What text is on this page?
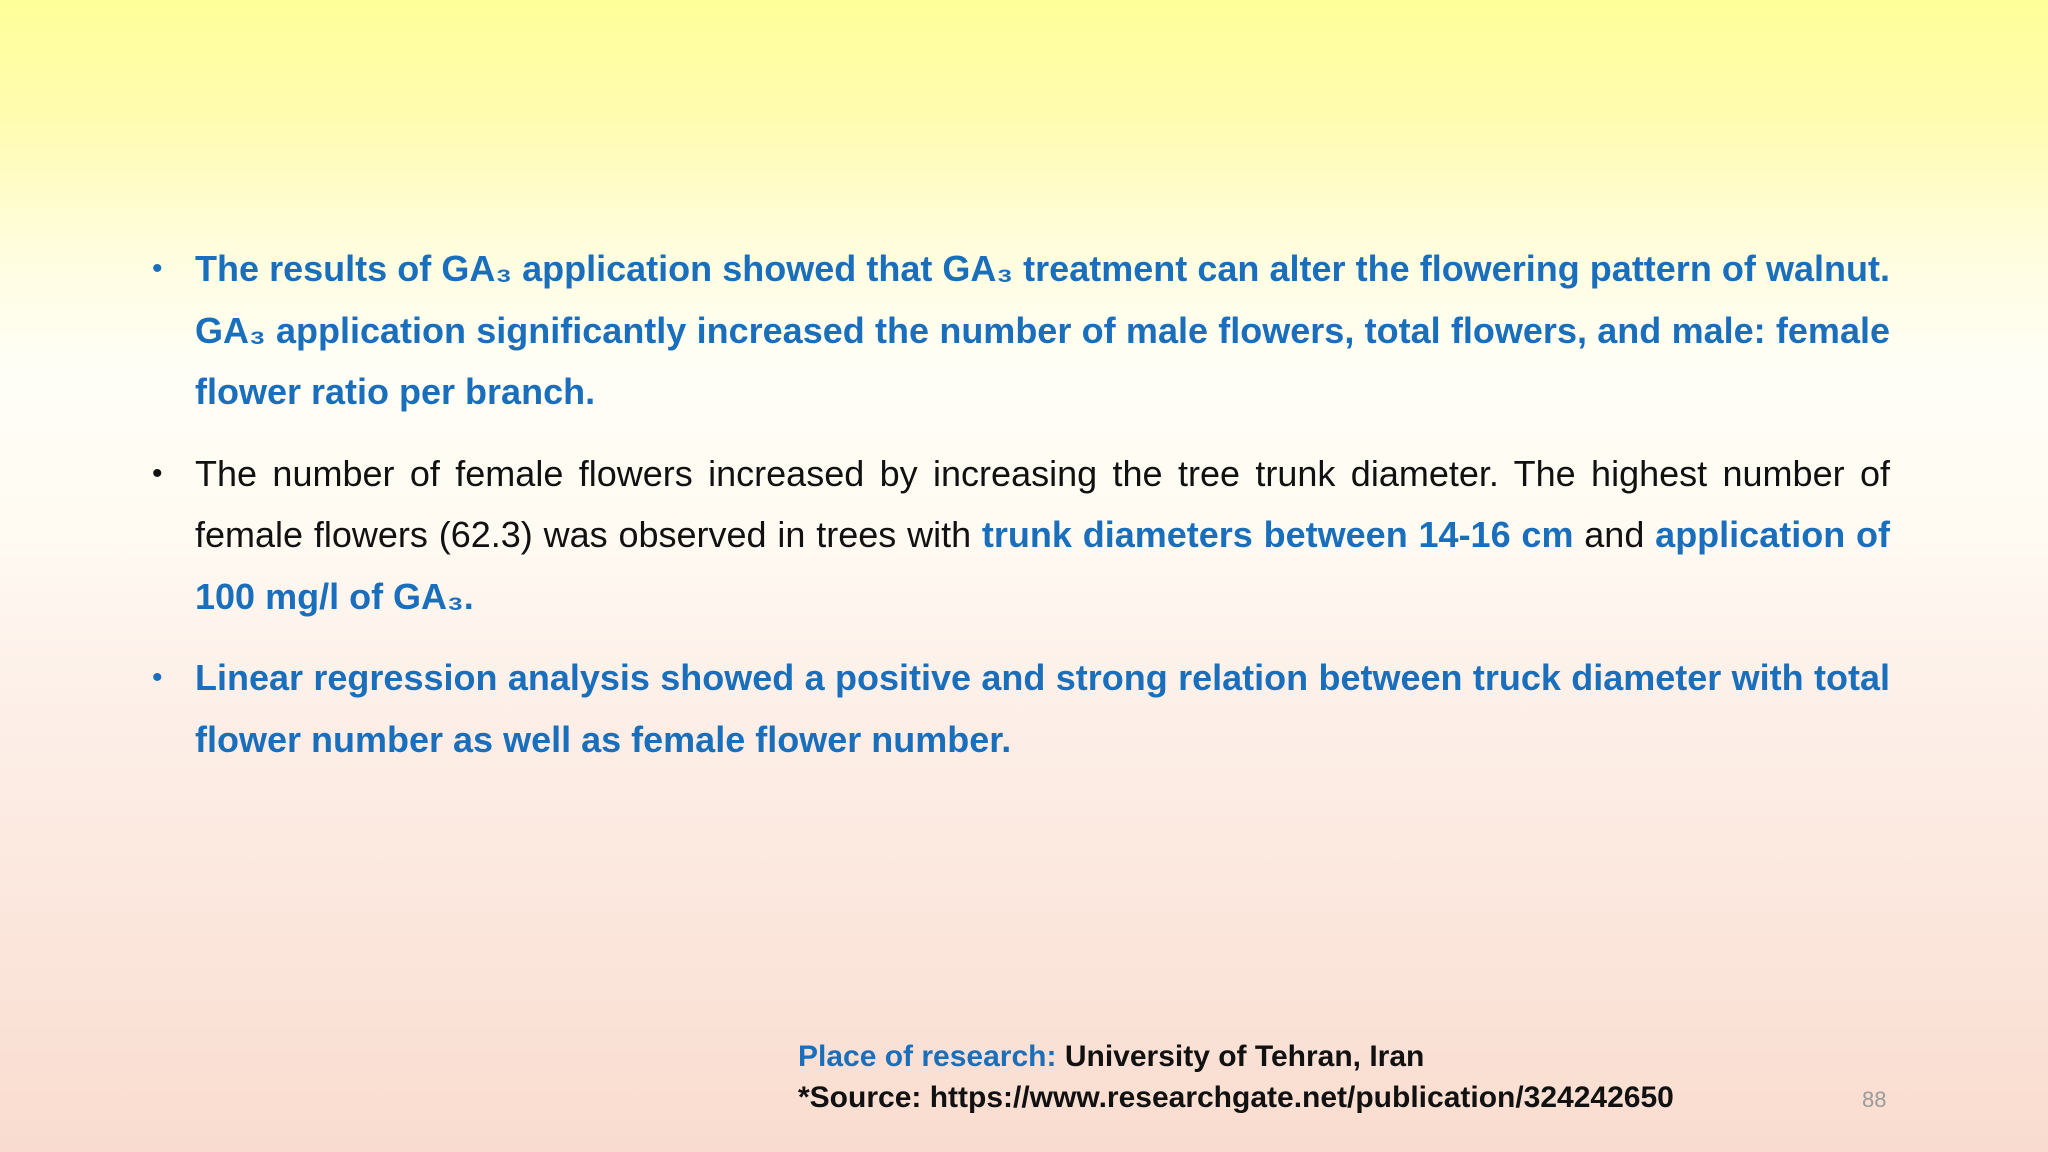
• The results of GA₃ application showed that GA₃ treatment can alter the flowering pattern of walnut. GA₃ application significantly increased the number of male flowers, total flowers, and male: female flower ratio per branch.
• The number of female flowers increased by increasing the tree trunk diameter. The highest number of female flowers (62.3) was observed in trees with trunk diameters between 14-16 cm and application of 100 mg/l of GA₃.
• Linear regression analysis showed a positive and strong relation between truck diameter with total flower number as well as female flower number.
Place of research: University of Tehran, Iran
*Source: https://www.researchgate.net/publication/324242650	88
